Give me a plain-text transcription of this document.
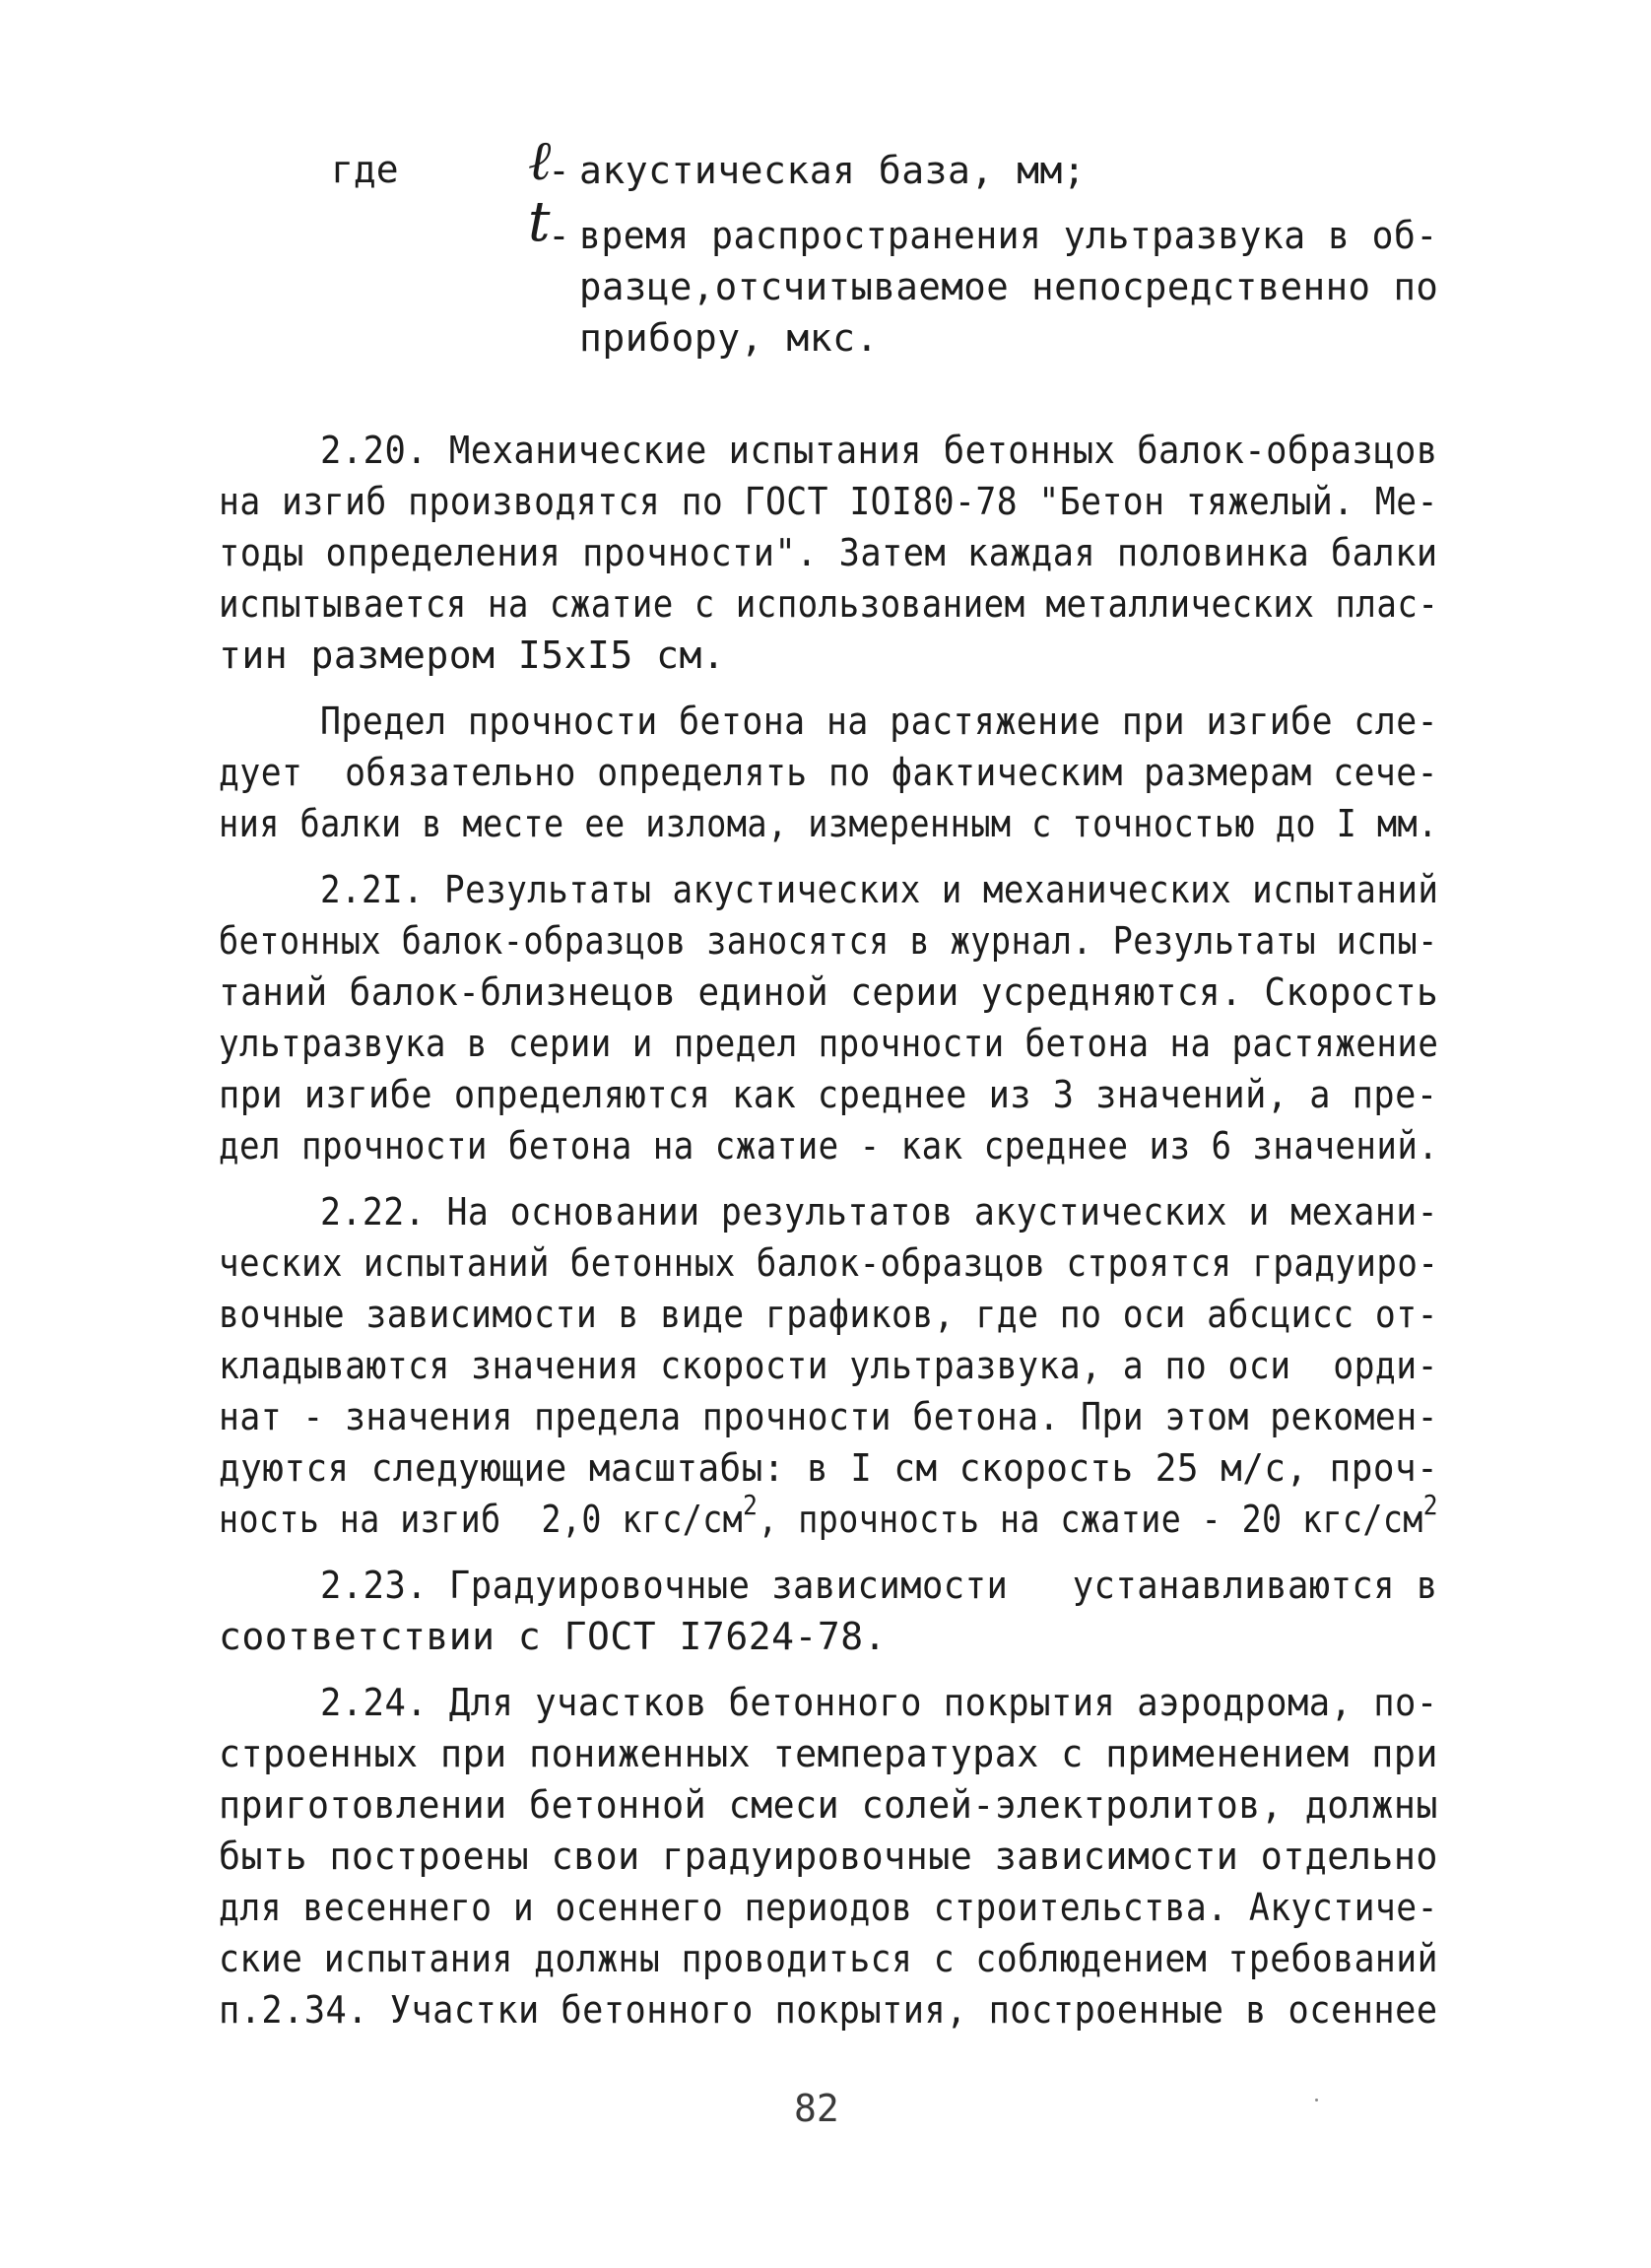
где ℓ
- акустическая база, мм;
t
- время распространения ультразвука в об-
разце,отсчитываемое непосредственно по
прибору, мкс.
2.20. Механические испытания бетонных балок-образцов
на изгиб производятся по ГОСТ IOI80-78 "Бетон тяжелый. Ме-
тоды определения прочности". Затем каждая половинка балки
испытывается на сжатие с использованием металлических плас-
тин размером I5xI5 см.
Предел прочности бетона на растяжение при изгибе сле-
дует  обязательно определять по фактическим размерам сече-
ния балки в месте ее излома, измеренным с точностью до I мм.
2.2I. Результаты акустических и механических испытаний
бетонных балок-образцов заносятся в журнал. Результаты испы-
таний балок-близнецов единой серии усредняются. Скорость
ультразвука в серии и предел прочности бетона на растяжение
при изгибе определяются как среднее из 3 значений, а пре-
дел прочности бетона на сжатие - как среднее из 6 значений.
2.22. На основании результатов акустических и механи-
ческих испытаний бетонных балок-образцов строятся градуиро-
вочные зависимости в виде графиков, где по оси абсцисс от-
кладываются значения скорости ультразвука, а по оси  орди-
нат - значения предела прочности бетона. При этом рекомен-
дуются следующие масштабы: в I см скорость 25 м/с, проч-
ность на изгиб  2,0 кгс/$см^2$, прочность на сжатие - 20 кгс/$см^2$
2.23. Градуировочные зависимости   устанавливаются в
соответствии с ГОСТ I7624-78.
2.24. Для участков бетонного покрытия аэродрома, по-
строенных при пониженных температурах с применением при
приготовлении бетонной смеси солей-электролитов, должны
быть построены свои градуировочные зависимости отдельно
для весеннего и осеннего периодов строительства. Акустиче-
ские испытания должны проводиться с соблюдением требований
п.2.34. Участки бетонного покрытия, построенные в осеннее
82
